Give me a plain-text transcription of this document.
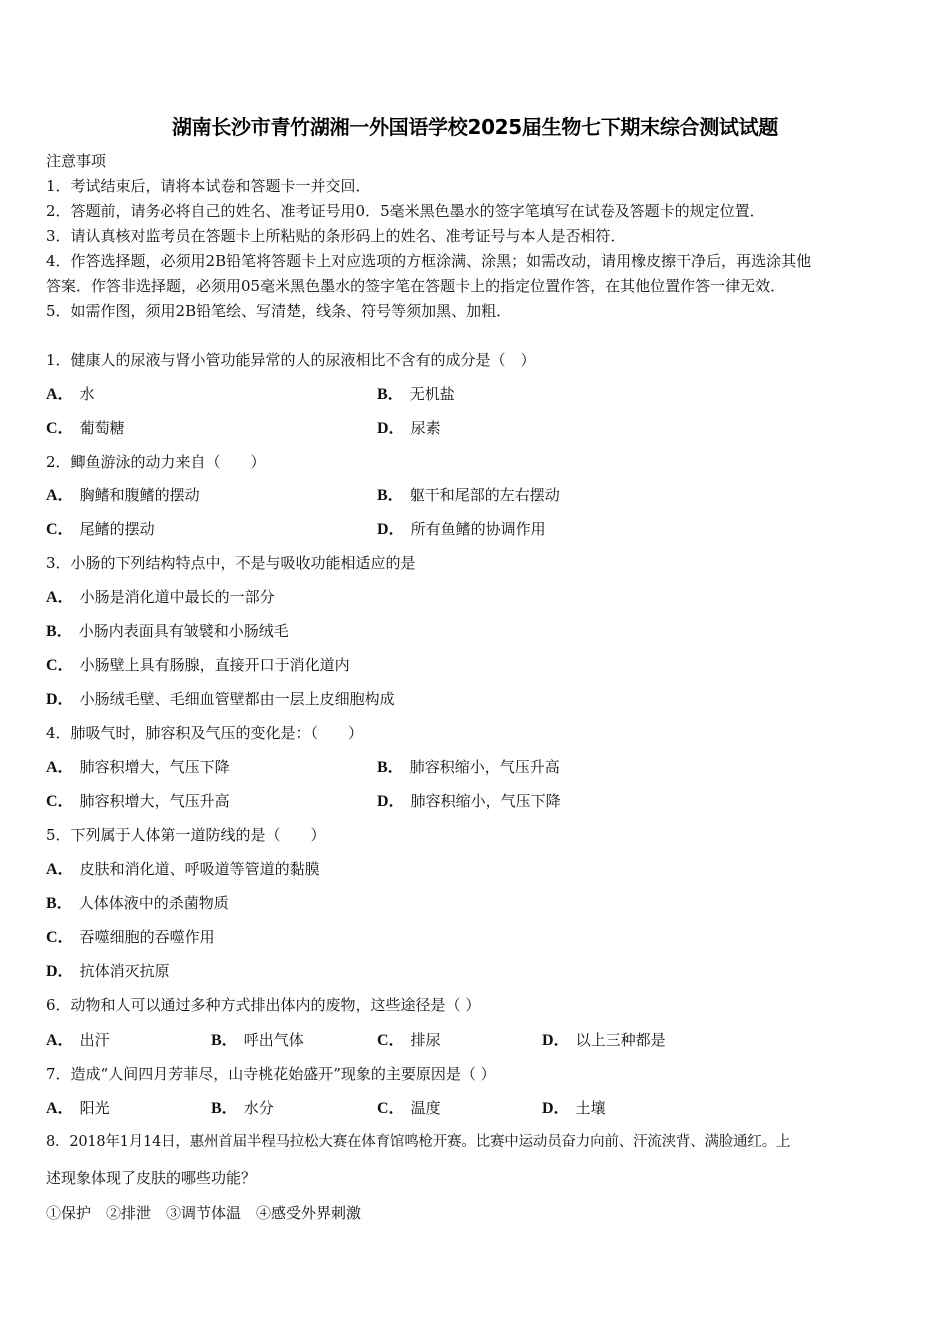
湖南长沙市青竹湖湘一外国语学校2025届生物七下期末综合测试试题
注意事项
1．考试结束后，请将本试卷和答题卡一并交回．
2．答题前，请务必将自己的姓名、准考证号用0．5毫米黑色墨水的签字笔填写在试卷及答题卡的规定位置．
3．请认真核对监考员在答题卡上所粘贴的条形码上的姓名、准考证号与本人是否相符．
4．作答选择题，必须用2B铅笔将答题卡上对应选项的方框涂满、涂黑；如需改动，请用橡皮擦干净后，再选涂其他
答案．作答非选择题，必须用05毫米黑色墨水的签字笔在答题卡上的指定位置作答，在其他位置作答一律无效．
5．如需作图，须用2B铅笔绘、写清楚，线条、符号等须加黑、加粗．
1．健康人的尿液与肾小管功能异常的人的尿液相比不含有的成分是（　）
A． 水	B． 无机盐
C． 葡萄糖	D． 尿素
2．鲫鱼游泳的动力来自（　　）
A． 胸鳍和腹鳍的摆动	B． 躯干和尾部的左右摆动
C． 尾鳍的摆动	D． 所有鱼鳍的协调作用
3．小肠的下列结构特点中，不是与吸收功能相适应的是
A． 小肠是消化道中最长的一部分
B． 小肠内表面具有皱襞和小肠绒毛
C． 小肠壁上具有肠腺，直接开口于消化道内
D． 小肠绒毛壁、毛细血管壁都由一层上皮细胞构成
4．肺吸气时，肺容积及气压的变化是：（　　）
A． 肺容积增大，气压下降	B． 肺容积缩小，气压升高
C． 肺容积增大，气压升高	D． 肺容积缩小，气压下降
5．下列属于人体第一道防线的是（　　）
A． 皮肤和消化道、呼吸道等管道的黏膜
B． 人体体液中的杀菌物质
C． 吞噬细胞的吞噬作用
D． 抗体消灭抗原
6．动物和人可以通过多种方式排出体内的废物，这些途径是（ ）
A． 出汗	B． 呼出气体	C． 排尿	D． 以上三种都是
7．造成“人间四月芳菲尽，山寺桃花始盛开”现象的主要原因是（ ）
A． 阳光	B． 水分	C． 温度	D． 土壤
8．2018年1月14日，惠州首届半程马拉松大赛在体育馆鸣枪开赛。比赛中运动员奋力向前、汗流浃背、满脸通红。上
述现象体现了皮肤的哪些功能？
①保护　②排泄　③调节体温　④感受外界刺激
